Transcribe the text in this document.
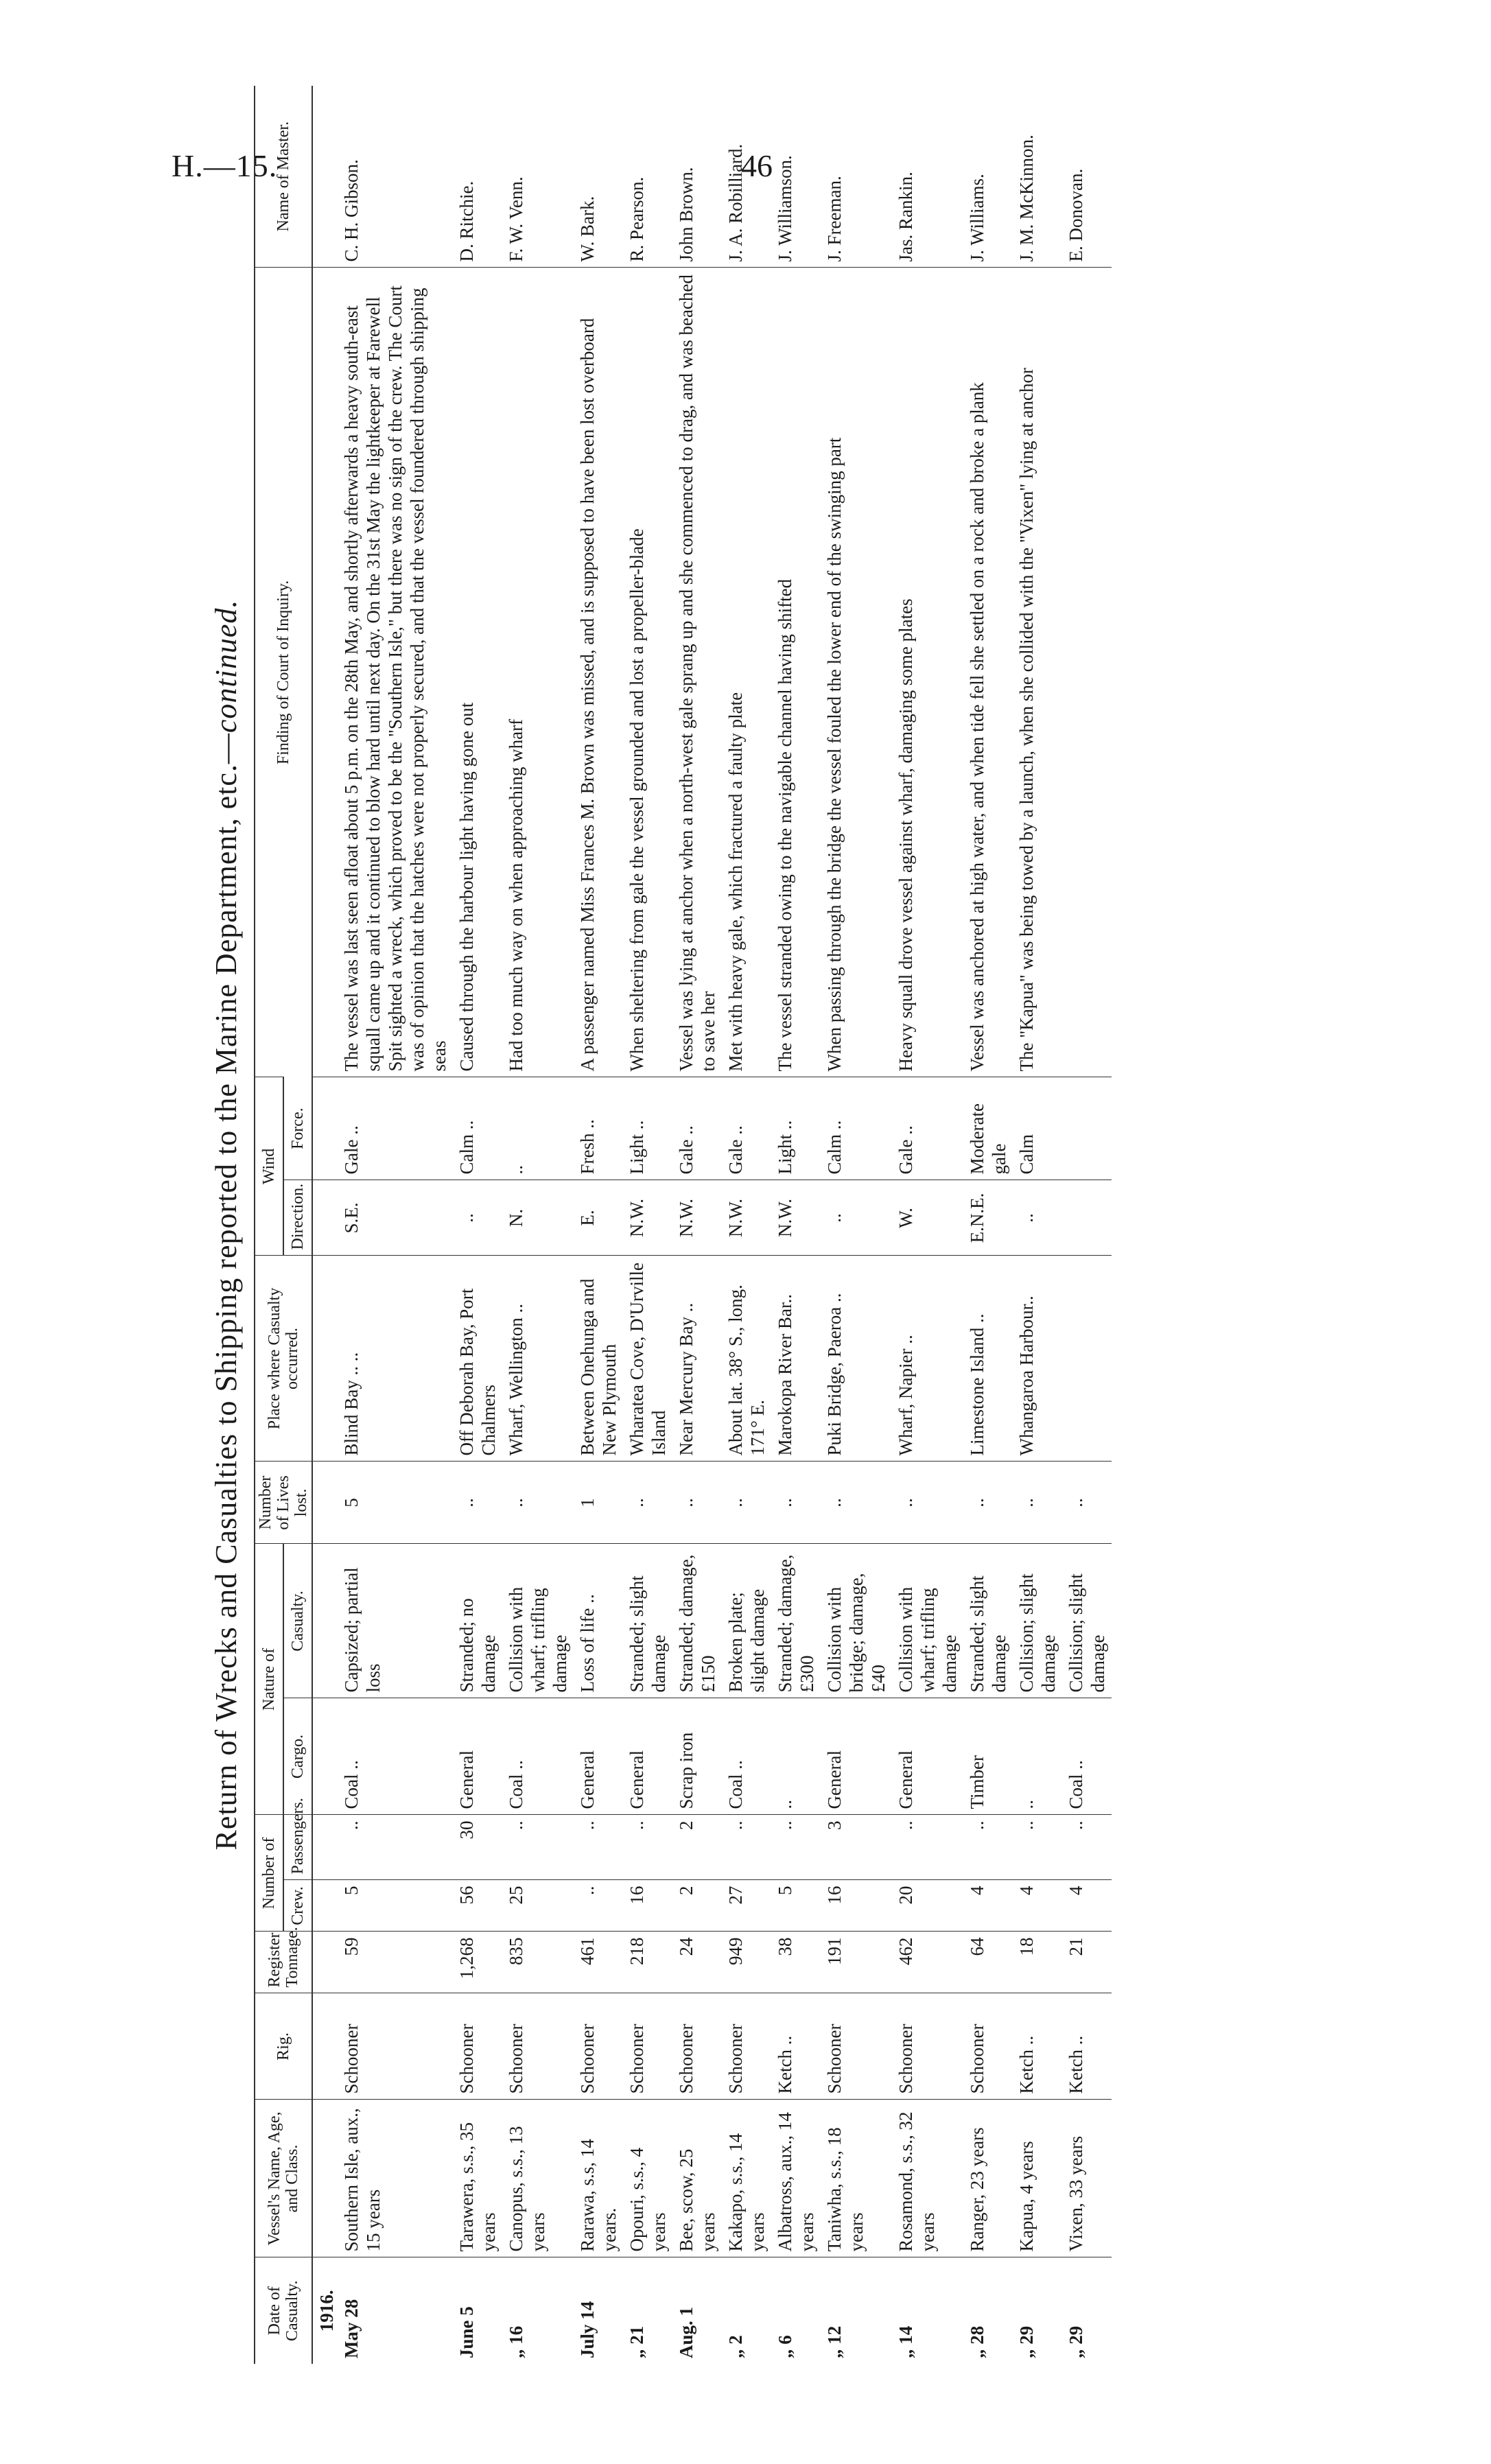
H.—15.	46
Return of Wrecks and Casualties to Shipping reported to the Marine Department, etc.—continued.
Date of Casualty.	Vessel's Name, Age, and Class.	Rig.	Register Tonnage.	Number of		Nature of		Number of Lives lost.	Place where Casualty occurred.	Wind		Finding of Court of Inquiry.	Name of Master.
				Crew.	Passengers.	Cargo.	Casualty.			Direction.	Force.		
1916.													
May 28	Southern Isle, aux., 15 years	Schooner	59	5	..	Coal ..	Capsized; partial loss	5	Blind Bay .. ..	S.E.	Gale ..	The vessel was last seen afloat about 5 p.m. on the 28th May, and shortly afterwards a heavy south-east squall came up and it continued to blow hard until next day. On the 31st May the lightkeeper at Farewell Spit sighted a wreck, which proved to be the "Southern Isle," but there was no sign of the crew. The Court was of opinion that the hatches were not properly secured, and that the vessel foundered through shipping seas	C. H. Gibson.
June 5	Tarawera, s.s., 35 years	Schooner	1,268	56	30	General	Stranded; no damage	..	Off Deborah Bay, Port Chalmers	..	Calm ..	Caused through the harbour light having gone out	D. Ritchie.
„ 16	Canopus, s.s., 13 years	Schooner	835	25	..	Coal ..	Collision with wharf; trifling damage	..	Wharf, Wellington ..	N.	..	Had too much way on when approaching wharf	F. W. Venn.
July 14	Rarawa, s.s, 14 years.	Schooner	461	..	..	General	Loss of life ..	1	Between Onehunga and New Plymouth	E.	Fresh ..	A passenger named Miss Frances M. Brown was missed, and is supposed to have been lost overboard	W. Bark.
„ 21	Opouri, s.s., 4 years	Schooner	218	16	..	General	Stranded; slight damage	..	Wharatea Cove, D'Urville Island	N.W.	Light ..	When sheltering from gale the vessel grounded and lost a propeller-blade	R. Pearson.
Aug. 1	Bee, scow, 25 years	Schooner	24	2	2	Scrap iron	Stranded; damage, £150	..	Near Mercury Bay ..	N.W.	Gale ..	Vessel was lying at anchor when a north-west gale sprang up and she commenced to drag, and was beached to save her	John Brown.
„ 2	Kakapo, s.s., 14 years	Schooner	949	27	..	Coal ..	Broken plate; slight damage	..	About lat. 38° S., long. 171° E.	N.W.	Gale ..	Met with heavy gale, which fractured a faulty plate	J. A. Robilliard.
„ 6	Albatross, aux., 14 years	Ketch ..	38	5	..	..	Stranded; damage, £300	..	Marokopa River Bar..	N.W.	Light ..	The vessel stranded owing to the navigable channel having shifted	J. Williamson.
„ 12	Taniwha, s.s., 18 years	Schooner	191	16	3	General	Collision with bridge; damage, £40	..	Puki Bridge, Paeroa ..	..	Calm ..	When passing through the bridge the vessel fouled the lower end of the swinging part	J. Freeman.
„ 14	Rosamond, s.s., 32 years	Schooner	462	20	..	General	Collision with wharf; trifling damage	..	Wharf, Napier ..	W.	Gale ..	Heavy squall drove vessel against wharf, damaging some plates	Jas. Rankin.
„ 28	Ranger, 23 years	Schooner	64	4	..	Timber	Stranded; slight damage	..	Limestone Island ..	E.N.E.	Moderate gale	Vessel was anchored at high water, and when tide fell she settled on a rock and broke a plank	J. Williams.
„ 29	Kapua, 4 years	Ketch ..	18	4	..	..	Collision; slight damage	..	Whangaroa Harbour..	..	Calm	The "Kapua" was being towed by a launch, when she collided with the "Vixen" lying at anchor	J. M. McKinnon.
„ 29	Vixen, 33 years	Ketch ..	21	4	..	Coal ..	Collision; slight damage	..					E. Donovan.
